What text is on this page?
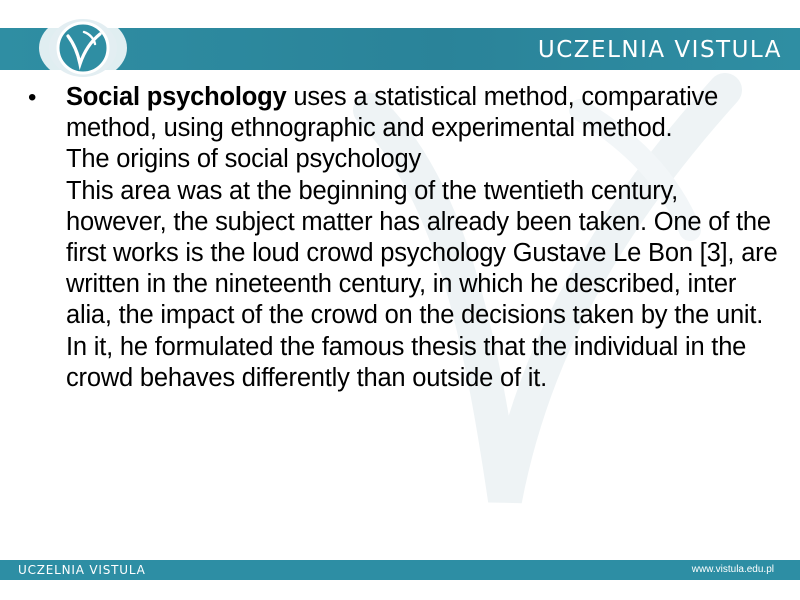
UCZELNIA VISTULA
•	Social psychology uses a statistical method, comparative method, using ethnographic and experimental method.

The origins of social psychology

This area was at the beginning of the twentieth century, however, the subject matter has already been taken. One of the first works is the loud crowd psychology Gustave Le Bon [3], are written in the nineteenth century, in which he described, inter alia, the impact of the crowd on the decisions taken by the unit. In it, he formulated the famous thesis that the individual in the crowd behaves differently than outside of it.

UCZELNIA VISTULA	www.vistula.edu.pl
